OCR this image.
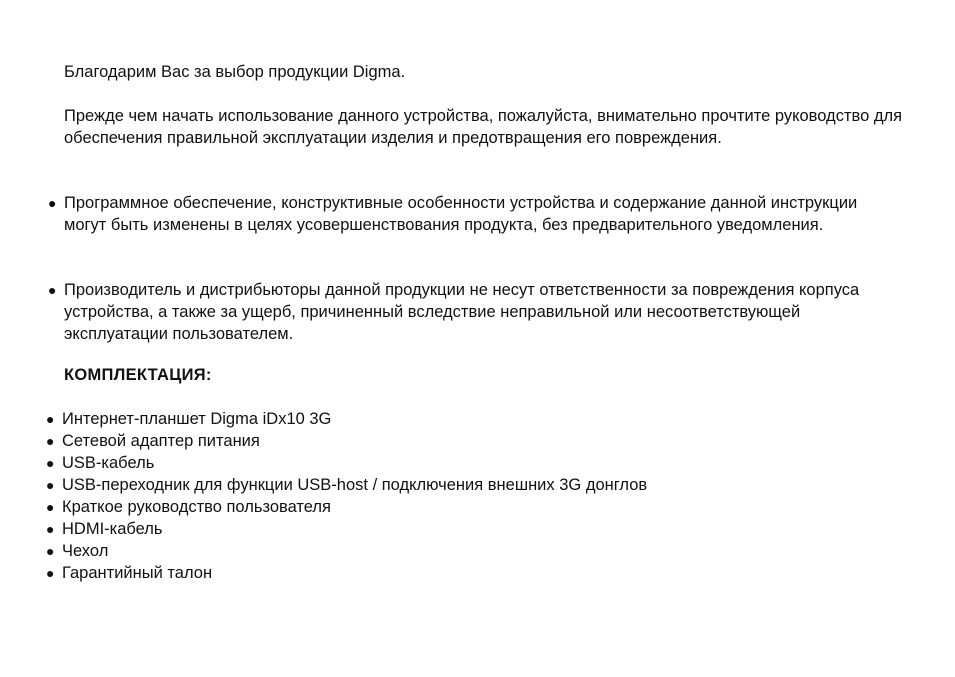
Благодарим Вас за выбор продукции Digma.

Прежде чем начать использование данного устройства, пожалуйста, внимательно прочтите руководство для обеспечения правильной эксплуатации изделия и предотвращения его повреждения.

● Программное обеспечение, конструктивные особенности устройства и содержание данной инструкции могут быть изменены в целях усовершенствования продукта, без предварительного уведомления.
● Производитель и дистрибьюторы данной продукции не несут ответственности за повреждения корпуса устройства, а также за ущерб, причиненный вследствие неправильной или несоответствующей эксплуатации пользователем.
КОМПЛЕКТАЦИЯ:
● Интернет-планшет Digma iDx10 3G
● Сетевой адаптер питания
● USB-кабель
● USB-переходник для функции USB-host / подключения внешних 3G донглов
● Краткое руководство пользователя
● HDMI-кабель
● Чехол
● Гарантийный талон
